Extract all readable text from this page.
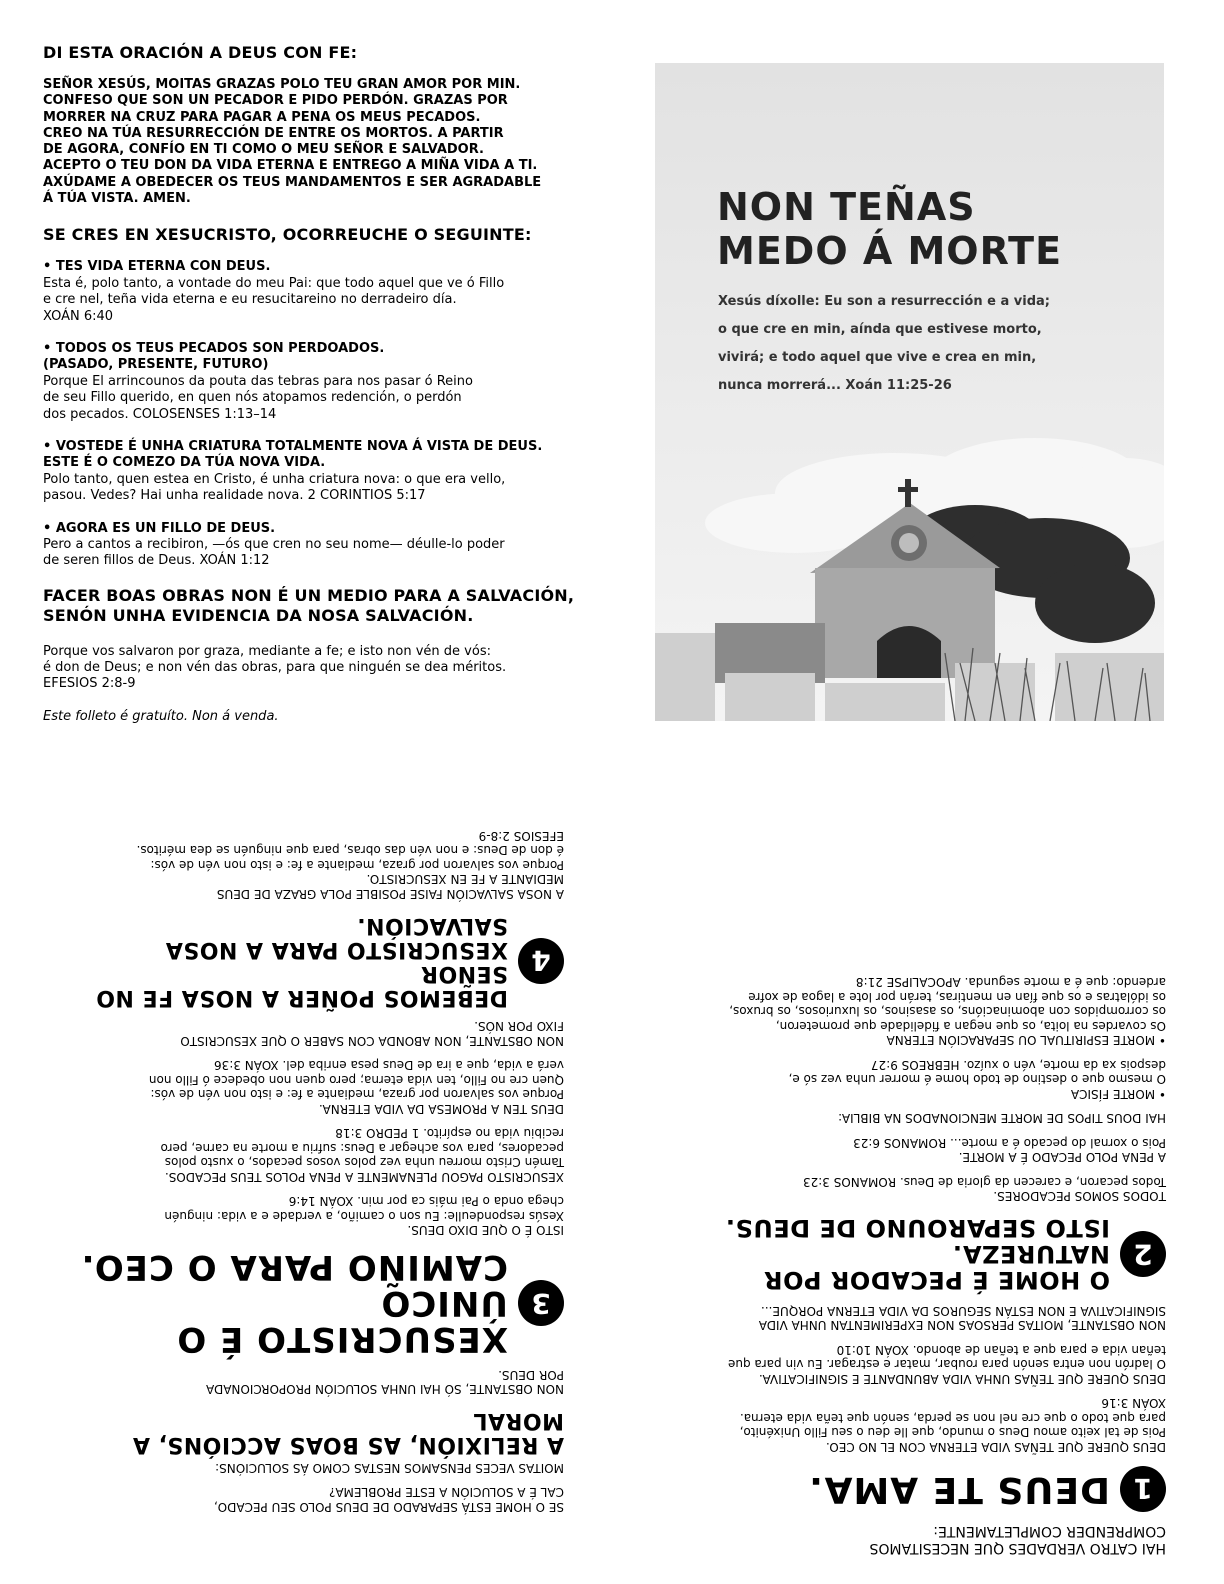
DI ESTA ORACIÓN A DEUS CON FE:
SEÑOR XESÚS, MOITAS GRAZAS POLO TEU GRAN AMOR POR MIN.
CONFESO QUE SON UN PECADOR E PIDO PERDÓN. GRAZAS POR
MORRER NA CRUZ PARA PAGAR A PENA OS MEUS PECADOS.
CREO NA TÚA RESURRECCIÓN DE ENTRE OS MORTOS. A PARTIR
DE AGORA, CONFÍO EN TI COMO O MEU SEÑOR E SALVADOR.
ACEPTO O TEU DON DA VIDA ETERNA E ENTREGO A MIÑA VIDA A TI.
AXÚDAME A OBEDECER OS TEUS MANDAMENTOS E SER AGRADABLE
Á TÚA VISTA. AMEN.
SE CRES EN XESUCRISTO, OCORREUCHE O SEGUINTE:
• TES VIDA ETERNA CON DEUS.
Esta é, polo tanto, a vontade do meu Pai: que todo aquel que ve ó Fillo
e cre nel, teña vida eterna e eu resucitareino no derradeiro día.
XOÁN 6:40
• TODOS OS TEUS PECADOS SON PERDOADOS.
(PASADO, PRESENTE, FUTURO)
Porque El arrincounos da pouta das tebras para nos pasar ó Reino
de seu Fillo querido, en quen nós atopamos redención, o perdón
dos pecados. COLOSENSES 1:13–14
• VOSTEDE É UNHA CRIATURA TOTALMENTE NOVA Á VISTA DE DEUS.
ESTE É O COMEZO DA TÚA NOVA VIDA.
Polo tanto, quen estea en Cristo, é unha criatura nova: o que era vello,
pasou. Vedes? Hai unha realidade nova. 2 CORINTIOS 5:17
• AGORA ES UN FILLO DE DEUS.
Pero a cantos a recibiron, —ós que cren no seu nome— déulle-lo poder
de seren fillos de Deus. XOÁN 1:12
FACER BOAS OBRAS NON É UN MEDIO PARA A SALVACIÓN,
SENÓN UNHA EVIDENCIA DA NOSA SALVACIÓN.
Porque vos salvaron por graza, mediante a fe; e isto non vén de vós:
é don de Deus; e non vén das obras, para que ninguén se dea méritos.
EFESIOS 2:8-9
Este folleto é gratuíto. Non á venda.
NON TEÑAS
MEDO Á MORTE
Xesús díxolle: Eu son a resurrección e a vida;
o que cre en min, aínda que estivese morto,
vivirá; e todo aquel que vive e crea en min,
nunca morrerá... Xoán 11:25-26
HAI CATRO VERDADES QUE NECESITAMOS
COMPRENDER COMPLETAMENTE:
1
DEUS TE AMA.
DEUS QUERE QUE TEÑAS VIDA ETERNA CON EL NO CEO.
Pois de tal xeito amou Deus o mundo, que lle deu o seu Fillo Unixénito,
para que todo o que cre nel non se perda, senón que teña vida eterna.
XOÁN 3:16
DEUS QUERE QUE TEÑAS UNHA VIDA ABUNDANTE E SIGNIFICATIVA.
O ladrón non entra senón para roubar, matar e estragar. Eu vin para que
teñan vida e para que a teñan de abondo. XOÁN 10:10
NON OBSTANTE, MOITAS PERSOAS NON EXPERIMENTAN UNHA VIDA
SIGNIFICATIVA E NON ESTÁN SEGUROS DA VIDA ETERNA PORQUE...
2
O HOME É PECADOR POR NATUREZA.
ISTO SEPAROUNO DE DEUS.
TODOS SOMOS PECADORES.
Todos pecaron, e carecen da gloria de Deus. ROMANOS 3:23
A PENA POLO PECADO É A MORTE.
Pois o xornal do pecado é a morte... ROMANOS 6:23
HAI DOUS TIPOS DE MORTE MENCIONADOS NA BIBLIA:
• MORTE FÍSICA
O mesmo que o destino de todo home é morrer unha vez só e,
despois xa da morte, vén o xuízo. HEBREOS 9:27
• MORTE ESPIRITUAL OU SEPARACIÓN ETERNA
Os covardes na loita, os que negan a fidelidade que prometeron,
os corrompidos con abominacións, os asasinos, os luxuriosos, os bruxos,
os idólatras e os que fían en mentiras, terán por lote a lagoa de xofre
ardendo: que é a morte segunda. APOCALIPSE 21:8
SE O HOME ESTÁ SEPARADO DE DEUS POLO SEU PECADO,
CAL É A SOLUCIÓN A ESTE PROBLEMA?
MOITAS VECES PENSAMOS NESTAS COMO ÁS SOLUCIÓNS:
A RELIXIÓN, AS BOAS ACCIÓNS, A MORAL
NON OBSTANTE, SÓ HAI UNHA SOLUCIÓN PROPORCIONADA
POR DEUS.
3
XESUCRISTO É O ÚNICO
CAMIÑO PARA O CEO.
ISTO É O QUE DIXO DEUS.
Xesús respondeulle: Eu son o camiño, a verdade e a vida: ninguén
chega onda o Pai máis ca por min. XOÁN 14:6
XESUCRISTO PAGOU PLENAMENTE A PENA POLOS TEUS PECADOS.
Tamén Cristo morreu unha vez polos vosos pecados, o xusto polos
pecadores, para vos achegar a Deus: sufriu a morte na carne, pero
recibiu vida no espírito. 1 PEDRO 3:18
DEUS TEN A PROMESA DA VIDA ETERNA.
Porque vos salvaron por graza, mediante a fe: e isto non vén de vós:
Quen cre no Fillo, ten vida eterna; pero quen non obedece ó Fillo non
verá a vida, que a ira de Deus pesa enriba del. XOÁN 3:36
NON OBSTANTE, NON ABONDA CON SABER O QUE XESUCRISTO
FIXO POR NÓS.
4
DEBEMOS POÑER A NOSA FE NO SEÑOR
XESUCRISTO PARA A NOSA SALVACIÓN.
A NOSA SALVACIÓN FAISE POSIBLE POLA GRAZA DE DEUS
MEDIANTE A FE EN XESUCRISTO.
Porque vos salvaron por graza, mediante a fe: e isto non vén de vós:
é don de Deus: e non vén das obras, para que ninguén se dea méritos.
EFESIOS 2:8-9
